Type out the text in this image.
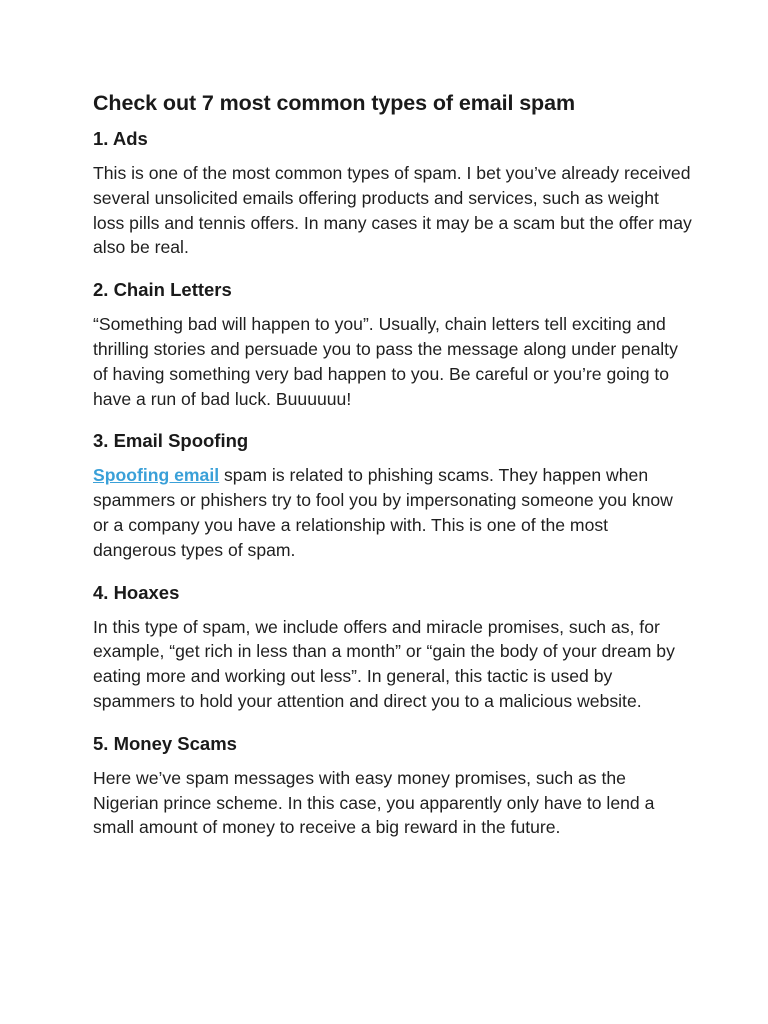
Check out 7 most common types of email spam
1. Ads

This is one of the most common types of spam. I bet you’ve already received several unsolicited emails offering products and services, such as weight loss pills and tennis offers. In many cases it may be a scam but the offer may also be real.

2. Chain Letters

“Something bad will happen to you”. Usually, chain letters tell exciting and thrilling stories and persuade you to pass the message along under penalty of having something very bad happen to you. Be careful or you’re going to have a run of bad luck. Buuuuuu!

3. Email Spoofing

Spoofing email spam is related to phishing scams. They happen when spammers or phishers try to fool you by impersonating someone you know or a company you have a relationship with. This is one of the most dangerous types of spam.

4. Hoaxes

In this type of spam, we include offers and miracle promises, such as, for example, “get rich in less than a month” or “gain the body of your dream by eating more and working out less”. In general, this tactic is used by spammers to hold your attention and direct you to a malicious website.

5. Money Scams

Here we’ve spam messages with easy money promises, such as the Nigerian prince scheme. In this case, you apparently only have to lend a small amount of money to receive a big reward in the future.
